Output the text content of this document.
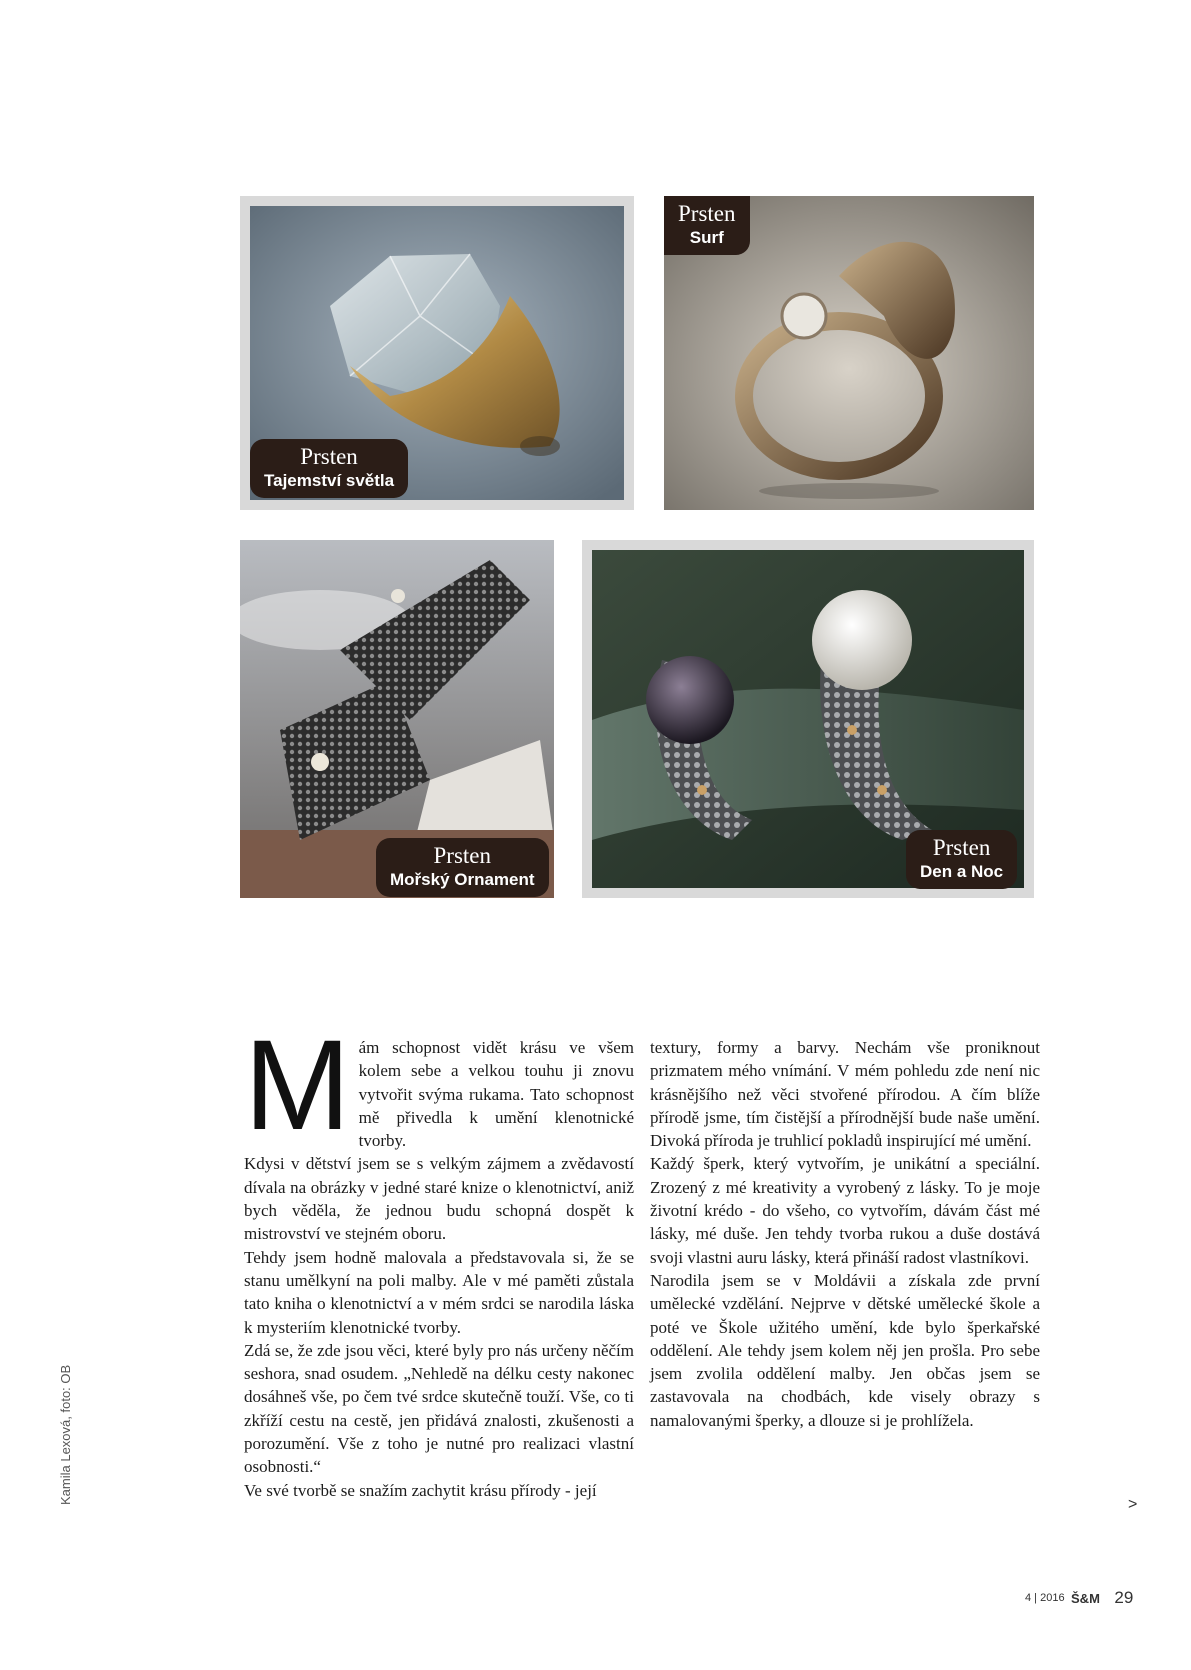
Prsten
Tajemství světla
Prsten
Surf
Prsten
Mořský Ornament
Prsten
Den a Noc
M ám schopnost vidět krásu ve všem kolem sebe a velkou touhu ji znovu vytvořit svýma rukama. Tato schopnost mě přivedla k umění klenotnické tvorby.

Kdysi v dětství jsem se s velkým zájmem a zvědavostí dívala na obrázky v jedné staré knize o klenotnictví, aniž bych věděla, že jednou budu schopná dospět k mistrovství ve stejném oboru.

Tehdy jsem hodně malovala a představovala si, že se stanu umělkyní na poli malby. Ale v mé paměti zůstala tato kniha o klenotnictví a v mém srdci se narodila láska k mysteriím klenotnické tvorby.

Zdá se, že zde jsou věci, které byly pro nás určeny něčím seshora, snad osudem. „Nehledě na délku cesty nakonec dosáhneš vše, po čem tvé srdce skutečně touží. Vše, co ti zkříží cestu na cestě, jen přidává znalosti, zkušenosti a porozumění. Vše z toho je nutné pro realizaci vlastní osobnosti.“

Ve své tvorbě se snažím zachytit krásu přírody - její

textury, formy a barvy. Nechám vše proniknout prizmatem mého vnímání. V mém pohledu zde není nic krásnějšího než věci stvořené přírodou. A čím blíže přírodě jsme, tím čistější a přírodnější bude naše umění. Divoká příroda je truhlicí pokladů inspirující mé umění.

Každý šperk, který vytvořím, je unikátní a speciální. Zrozený z mé kreativity a vyrobený z lásky. To je moje životní krédo - do všeho, co vytvořím, dávám část mé lásky, mé duše. Jen tehdy tvorba rukou a duše dostává svoji vlastni auru lásky, která přináší radost vlastníkovi.

Narodila jsem se v Moldávii a získala zde první umělecké vzdělání. Nejprve v dětské umělecké škole a poté ve Škole užitého umění, kde bylo šperkařské oddělení. Ale tehdy jsem kolem něj jen prošla. Pro sebe jsem zvolila oddělení malby. Jen občas jsem se zastavovala na chodbách, kde visely obrazy s namalovanými šperky, a dlouze si je prohlížela.

Kamila Lexová, foto: OB	>
4 | 2016 Š&M 29
